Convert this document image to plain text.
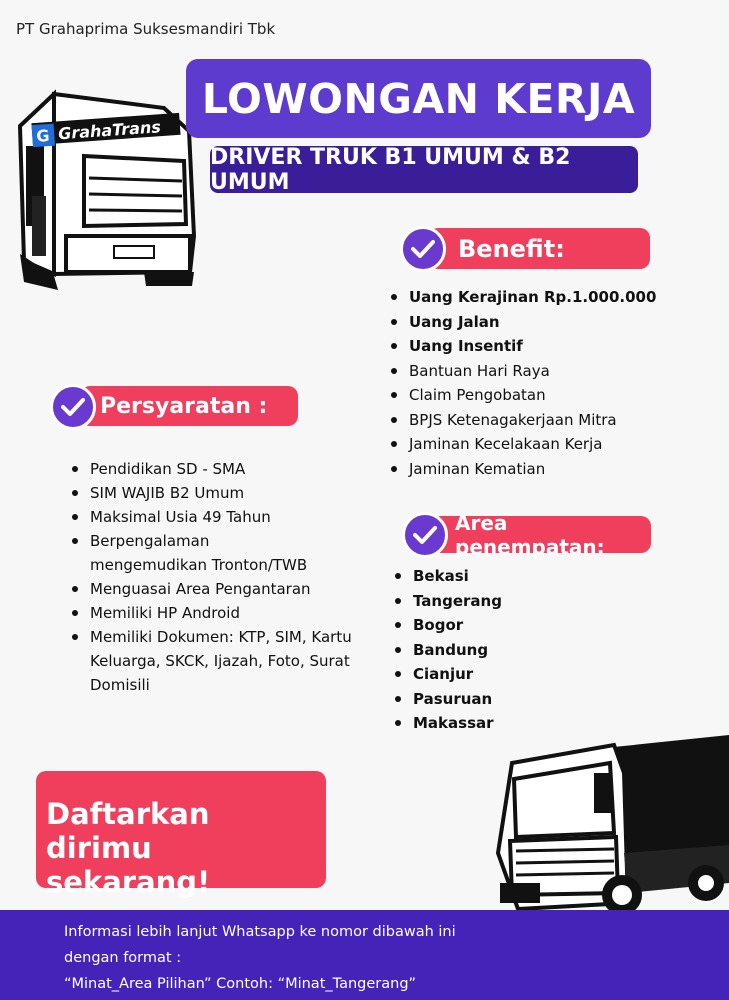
PT Grahaprima Suksesmandiri Tbk
G GrahaTrans
LOWONGAN KERJA
DRIVER TRUK B1 UMUM & B2 UMUM
Benefit:
Uang Kerajinan Rp.1.000.000
Uang Jalan
Uang Insentif
Bantuan Hari Raya
Claim Pengobatan
BPJS Ketenagakerjaan Mitra
Jaminan Kecelakaan Kerja
Jaminan Kematian
Persyaratan :
Pendidikan SD - SMA
SIM WAJIB B2 Umum
Maksimal Usia 49 Tahun
Berpengalaman mengemudikan Tronton/TWB
Menguasai Area Pengantaran
Memiliki HP Android
Memiliki Dokumen: KTP, SIM, Kartu Keluarga, SKCK, Ijazah, Foto, Surat Domisili
Area penempatan:
Bekasi
Tangerang
Bogor
Bandung
Cianjur
Pasuruan
Makassar
Daftarkan dirimu
sekarang!
Informasi lebih lanjut Whatsapp ke nomor dibawah ini
dengan format :
“Minat_Area Pilihan” Contoh: “Minat_Tangerang”
